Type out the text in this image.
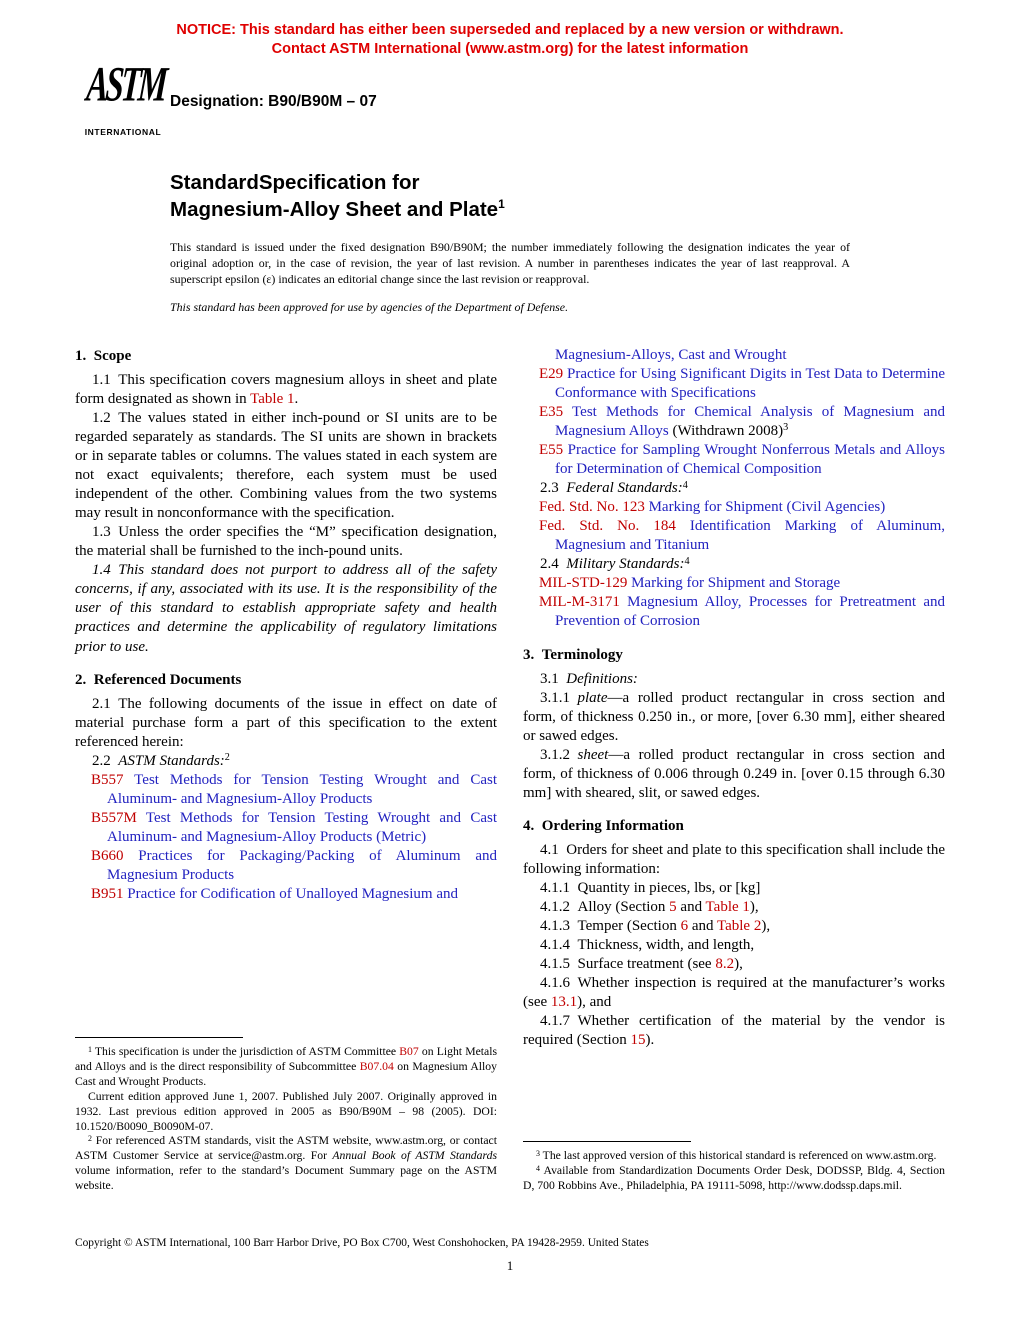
NOTICE: This standard has either been superseded and replaced by a new version or withdrawn.
Contact ASTM International (www.astm.org) for the latest information
ASTM
INTERNATIONAL
Designation: B90/B90M – 07
StandardSpecification for
Magnesium-Alloy Sheet and Plate$^1$

This standard is issued under the fixed designation B90/B90M; the number immediately following the designation indicates the year of original adoption or, in the case of revision, the year of last revision. A number in parentheses indicates the year of last reapproval. A superscript epsilon (ε) indicates an editorial change since the last revision or reapproval.

This standard has been approved for use by agencies of the Department of Defense.

1. Scope
1.1 This specification covers magnesium alloys in sheet and plate form designated as shown in Table 1.
1.2 The values stated in either inch-pound or SI units are to be regarded separately as standards. The SI units are shown in brackets or in separate tables or columns. The values stated in each system are not exact equivalents; therefore, each system must be used independent of the other. Combining values from the two systems may result in nonconformance with the specification.
1.3 Unless the order specifies the “M” specification designation, the material shall be furnished to the inch-pound units.
1.4 This standard does not purport to address all of the safety concerns, if any, associated with its use. It is the responsibility of the user of this standard to establish appropriate safety and health practices and determine the applicability of regulatory limitations prior to use.
2. Referenced Documents
2.1 The following documents of the issue in effect on date of material purchase form a part of this specification to the extent referenced herein:
2.2 ASTM Standards:$^2$
B557 Test Methods for Tension Testing Wrought and Cast Aluminum- and Magnesium-Alloy Products
B557M Test Methods for Tension Testing Wrought and Cast Aluminum- and Magnesium-Alloy Products (Metric)
B660 Practices for Packaging/Packing of Aluminum and Magnesium Products
B951 Practice for Codification of Unalloyed Magnesium and
$^1$ This specification is under the jurisdiction of ASTM Committee B07 on Light Metals and Alloys and is the direct responsibility of Subcommittee B07.04 on Magnesium Alloy Cast and Wrought Products.
Current edition approved June 1, 2007. Published July 2007. Originally approved in 1932. Last previous edition approved in 2005 as B90/B90M – 98 (2005). DOI: 10.1520/B0090_B0090M-07.
$^2$ For referenced ASTM standards, visit the ASTM website, www.astm.org, or contact ASTM Customer Service at service@astm.org. For Annual Book of ASTM Standards volume information, refer to the standard’s Document Summary page on the ASTM website.
Magnesium-Alloys, Cast and Wrought
E29 Practice for Using Significant Digits in Test Data to Determine Conformance with Specifications
E35 Test Methods for Chemical Analysis of Magnesium and Magnesium Alloys (Withdrawn 2008)$^3$
E55 Practice for Sampling Wrought Nonferrous Metals and Alloys for Determination of Chemical Composition
2.3 Federal Standards:$^4$
Fed. Std. No. 123 Marking for Shipment (Civil Agencies)
Fed. Std. No. 184 Identification Marking of Aluminum, Magnesium and Titanium
2.4 Military Standards:$^4$
MIL-STD-129 Marking for Shipment and Storage
MIL-M-3171 Magnesium Alloy, Processes for Pretreatment and Prevention of Corrosion
3. Terminology
3.1 Definitions:
3.1.1 plate—a rolled product rectangular in cross section and form, of thickness 0.250 in., or more, [over 6.30 mm], either sheared or sawed edges.
3.1.2 sheet—a rolled product rectangular in cross section and form, of thickness of 0.006 through 0.249 in. [over 0.15 through 6.30 mm] with sheared, slit, or sawed edges.
4. Ordering Information
4.1 Orders for sheet and plate to this specification shall include the following information:
4.1.1 Quantity in pieces, lbs, or [kg]
4.1.2 Alloy (Section 5 and Table 1),
4.1.3 Temper (Section 6 and Table 2),
4.1.4 Thickness, width, and length,
4.1.5 Surface treatment (see 8.2),
4.1.6 Whether inspection is required at the manufacturer’s works (see 13.1), and
4.1.7 Whether certification of the material by the vendor is required (Section 15).
$^3$ The last approved version of this historical standard is referenced on www.astm.org.
$^4$ Available from Standardization Documents Order Desk, DODSSP, Bldg. 4, Section D, 700 Robbins Ave., Philadelphia, PA 19111-5098, http://www.dodssp.daps.mil.
Copyright © ASTM International, 100 Barr Harbor Drive, PO Box C700, West Conshohocken, PA 19428-2959. United States
1
